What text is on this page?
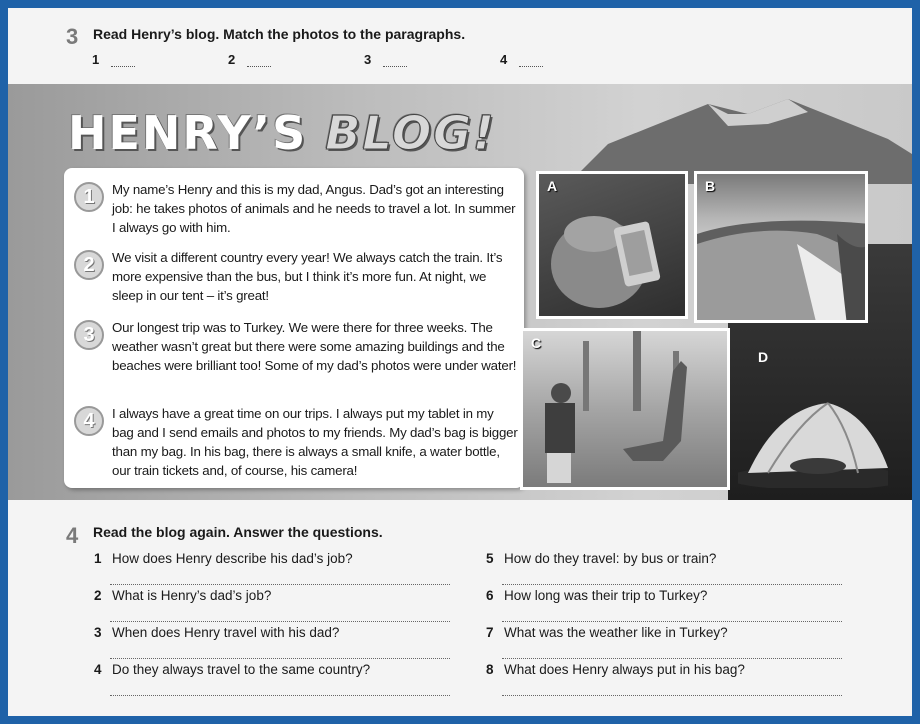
3 Read Henry’s blog. Match the photos to the paragraphs.
1	2	3	4
HENRY’S BLOG!
1	My name’s Henry and this is my dad, Angus. Dad’s got an interesting job: he takes photos of animals and he needs to travel a lot. In summer I always go with him.
2	We visit a different country every year! We always catch the train. It’s more expensive than the bus, but I think it’s more fun. At night, we sleep in our tent – it’s great!
3	Our longest trip was to Turkey. We were there for three weeks. The weather wasn’t great but there were some amazing buildings and the beaches were brilliant too! Some of my dad’s photos were under water!
4	I always have a great time on our trips. I always put my tablet in my bag and I send emails and photos to my friends. My dad’s bag is bigger than my bag. In his bag, there is always a small knife, a water bottle, our train tickets and, of course, his camera!
A	B
C
D
4 Read the blog again. Answer the questions.
1 How does Henry describe his dad’s job?
2 What is Henry’s dad’s job?
3 When does Henry travel with his dad?
4 Do they always travel to the same country?
5 How do they travel: by bus or train?
6 How long was their trip to Turkey?
7 What was the weather like in Turkey?
8 What does Henry always put in his bag?
